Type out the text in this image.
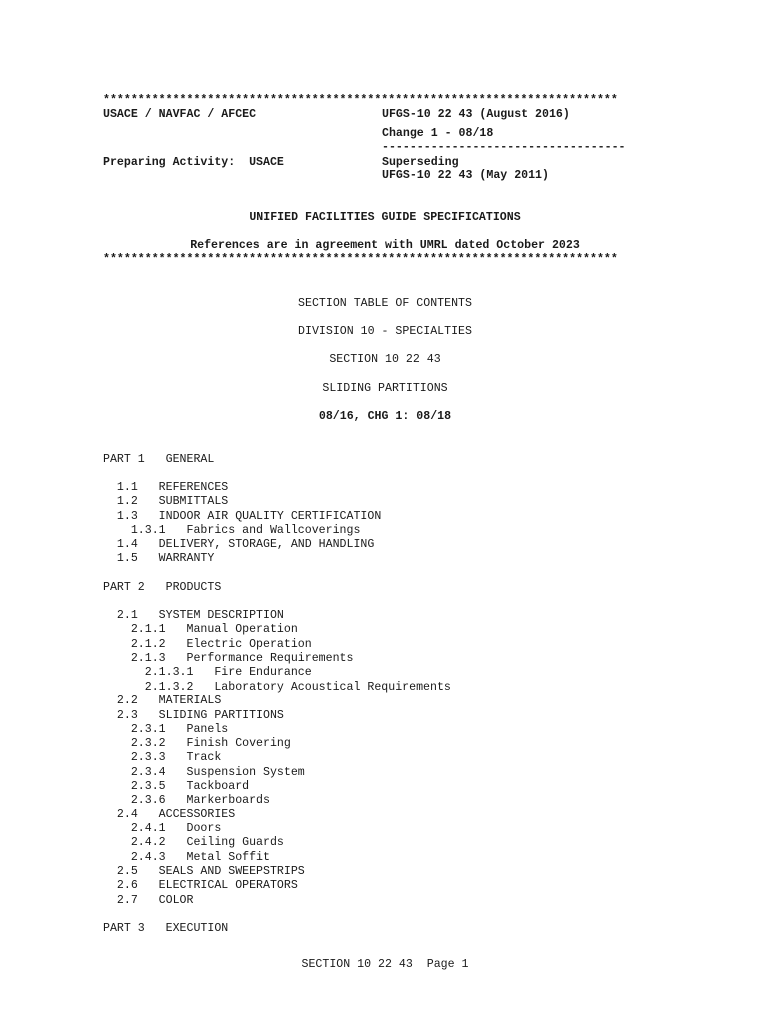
**************************************************************************
USACE / NAVFAC / AFCEC	UFGS-10 22 43 (August 2016)
Change 1 - 08/18
-----------------------------------
Preparing Activity:  USACE	Superseding
UFGS-10 22 43 (May 2011)
UNIFIED FACILITIES GUIDE SPECIFICATIONS
References are in agreement with UMRL dated October 2023
**************************************************************************
SECTION TABLE OF CONTENTS
DIVISION 10 - SPECIALTIES
SECTION 10 22 43
SLIDING PARTITIONS
08/16, CHG 1: 08/18
PART 1   GENERAL
1.1   REFERENCES
1.2   SUBMITTALS
1.3   INDOOR AIR QUALITY CERTIFICATION
1.3.1   Fabrics and Wallcoverings
1.4   DELIVERY, STORAGE, AND HANDLING
1.5   WARRANTY
PART 2   PRODUCTS
2.1   SYSTEM DESCRIPTION
2.1.1   Manual Operation
2.1.2   Electric Operation
2.1.3   Performance Requirements
2.1.3.1   Fire Endurance
2.1.3.2   Laboratory Acoustical Requirements
2.2   MATERIALS
2.3   SLIDING PARTITIONS
2.3.1   Panels
2.3.2   Finish Covering
2.3.3   Track
2.3.4   Suspension System
2.3.5   Tackboard
2.3.6   Markerboards
2.4   ACCESSORIES
2.4.1   Doors
2.4.2   Ceiling Guards
2.4.3   Metal Soffit
2.5   SEALS AND SWEEPSTRIPS
2.6   ELECTRICAL OPERATORS
2.7   COLOR
PART 3   EXECUTION
SECTION 10 22 43  Page 1
